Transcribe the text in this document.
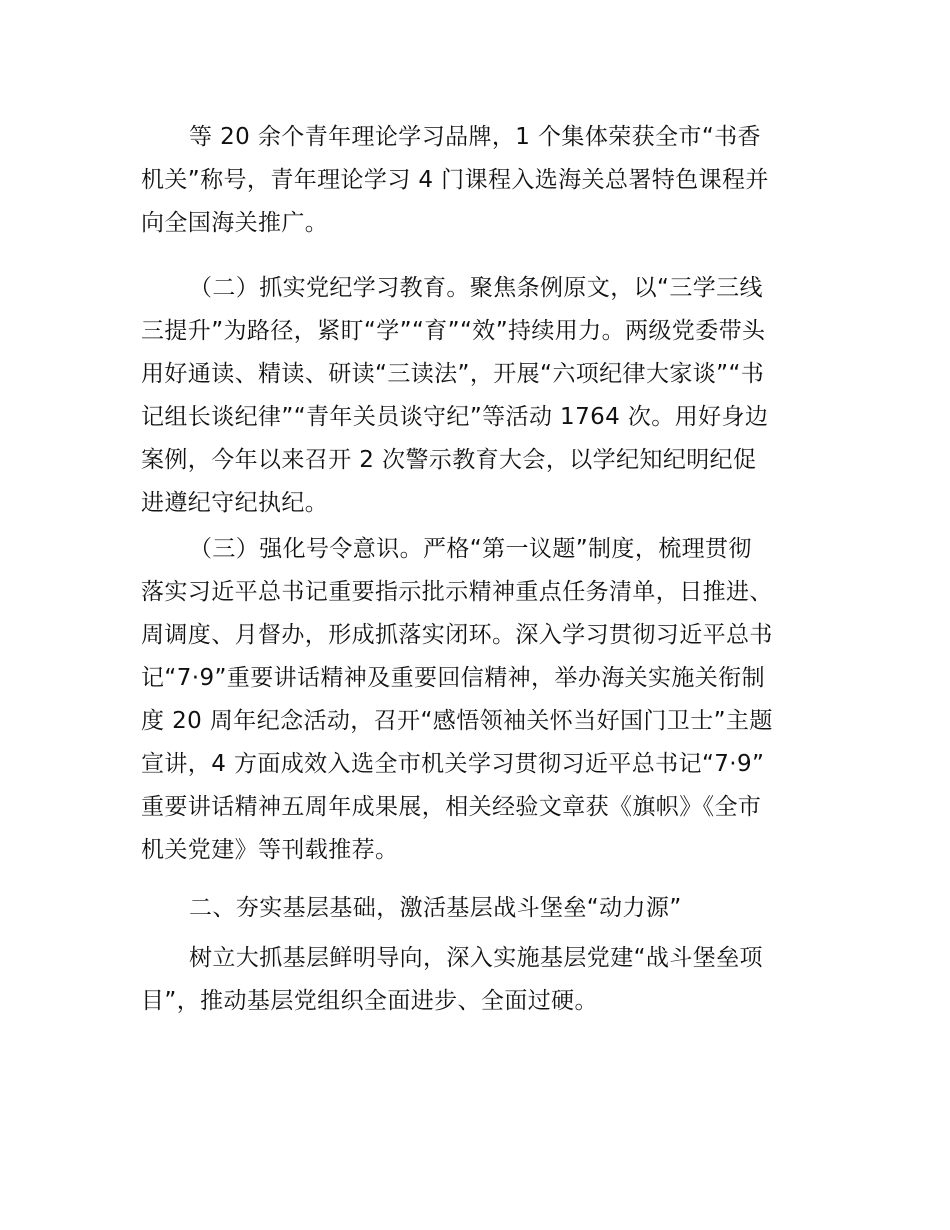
等 20 余个青年理论学习品牌，1 个集体荣获全市“书香
机关”称号，青年理论学习 4 门课程入选海关总署特色课程并
向全国海关推广。
（二）抓实党纪学习教育。聚焦条例原文，以“三学三线
三提升”为路径，紧盯“学”“育”“效”持续用力。两级党委带头
用好通读、精读、研读“三读法”，开展“六项纪律大家谈”“书
记组长谈纪律”“青年关员谈守纪”等活动 1764 次。用好身边
案例，今年以来召开 2 次警示教育大会，以学纪知纪明纪促
进遵纪守纪执纪。
（三）强化号令意识。严格“第一议题”制度，梳理贯彻
落实习近平总书记重要指示批示精神重点任务清单，日推进、
周调度、月督办，形成抓落实闭环。深入学习贯彻习近平总书
记“7·9”重要讲话精神及重要回信精神，举办海关实施关衔制
度 20 周年纪念活动，召开“感悟领袖关怀当好国门卫士”主题
宣讲，4 方面成效入选全市机关学习贯彻习近平总书记“7·9”
重要讲话精神五周年成果展，相关经验文章获《旗帜》《全市
机关党建》等刊载推荐。
二、夯实基层基础，激活基层战斗堡垒“动力源”
树立大抓基层鲜明导向，深入实施基层党建“战斗堡垒项
目”，推动基层党组织全面进步、全面过硬。
